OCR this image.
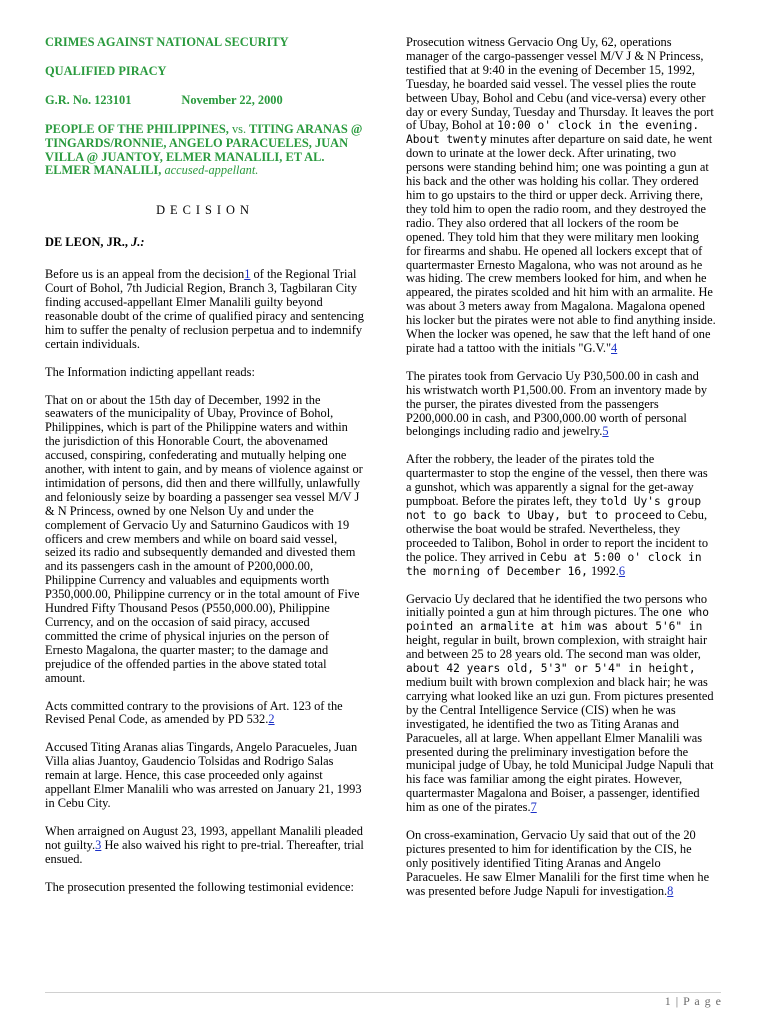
CRIMES AGAINST NATIONAL SECURITY
QUALIFIED PIRACY
G.R. No. 123101	November 22, 2000
PEOPLE OF THE PHILIPPINES, vs. TITING ARANAS @ TINGARDS/RONNIE, ANGELO PARACUELES, JUAN VILLA @ JUANTOY, ELMER MANALILI, ET AL.
ELMER MANALILI, accused-appellant.
DECISION
DE LEON, JR., J.:

Before us is an appeal from the decision1 of the Regional Trial Court of Bohol, 7th Judicial Region, Branch 3, Tagbilaran City finding accused-appellant Elmer Manalili guilty beyond reasonable doubt of the crime of qualified piracy and sentencing him to suffer the penalty of reclusion perpetua and to indemnify certain individuals.

The Information indicting appellant reads:

That on or about the 15th day of December, 1992 in the seawaters of the municipality of Ubay, Province of Bohol, Philippines, which is part of the Philippine waters and within the jurisdiction of this Honorable Court, the abovenamed accused, conspiring, confederating and mutually helping one another, with intent to gain, and by means of violence against or intimidation of persons, did then and there willfully, unlawfully and feloniously seize by boarding a passenger sea vessel M/V J & N Princess, owned by one Nelson Uy and under the complement of Gervacio Uy and Saturnino Gaudicos with 19 officers and crew members and while on board said vessel, seized its radio and subsequently demanded and divested them and its passengers cash in the amount of P200,000.00, Philippine Currency and valuables and equipments worth P350,000.00, Philippine currency or in the total amount of Five Hundred Fifty Thousand Pesos (P550,000.00), Philippine Currency, and on the occasion of said piracy, accused committed the crime of physical injuries on the person of Ernesto Magalona, the quarter master; to the damage and prejudice of the offended parties in the above stated total amount.

Acts committed contrary to the provisions of Art. 123 of the Revised Penal Code, as amended by PD 532.2

Accused Titing Aranas alias Tingards, Angelo Paracueles, Juan Villa alias Juantoy, Gaudencio Tolsidas and Rodrigo Salas remain at large. Hence, this case proceeded only against appellant Elmer Manalili who was arrested on January 21, 1993 in Cebu City.

When arraigned on August 23, 1993, appellant Manalili pleaded not guilty.3 He also waived his right to pre-trial. Thereafter, trial ensued.

The prosecution presented the following testimonial evidence:

Prosecution witness Gervacio Ong Uy, 62, operations manager of the cargo-passenger vessel M/V J & N Princess, testified that at 9:40 in the evening of December 15, 1992, Tuesday, he boarded said vessel. The vessel plies the route between Ubay, Bohol and Cebu (and vice-versa) every other day or every Sunday, Tuesday and Thursday. It leaves the port of Ubay, Bohol at 10:00 o' clock in the evening. About twenty minutes after departure on said date, he went down to urinate at the lower deck. After urinating, two persons were standing behind him; one was pointing a gun at his back and the other was holding his collar. They ordered him to go upstairs to the third or upper deck. Arriving there, they told him to open the radio room, and they destroyed the radio. They also ordered that all lockers of the room be opened. They told him that they were military men looking for firearms and shabu. He opened all lockers except that of quartermaster Ernesto Magalona, who was not around as he was hiding. The crew members looked for him, and when he appeared, the pirates scolded and hit him with an armalite. He was about 3 meters away from Magalona. Magalona opened his locker but the pirates were not able to find anything inside. When the locker was opened, he saw that the left hand of one pirate had a tattoo with the initials "G.V."4

The pirates took from Gervacio Uy P30,500.00 in cash and his wristwatch worth P1,500.00. From an inventory made by the purser, the pirates divested from the passengers P200,000.00 in cash, and P300,000.00 worth of personal belongings including radio and jewelry.5

After the robbery, the leader of the pirates told the quartermaster to stop the engine of the vessel, then there was a gunshot, which was apparently a signal for the get-away pumpboat. Before the pirates left, they told Uy's group not to go back to Ubay, but to proceed to Cebu, otherwise the boat would be strafed. Nevertheless, they proceeded to Talibon, Bohol in order to report the incident to the police. They arrived in Cebu at 5:00 o' clock in the morning of December 16, 1992.6

Gervacio Uy declared that he identified the two persons who initially pointed a gun at him through pictures. The one who pointed an armalite at him was about 5'6" in height, regular in built, brown complexion, with straight hair and between 25 to 28 years old. The second man was older, about 42 years old, 5'3" or 5'4" in height, medium built with brown complexion and black hair; he was carrying what looked like an uzi gun. From pictures presented by the Central Intelligence Service (CIS) when he was investigated, he identified the two as Titing Aranas and Paracueles, all at large. When appellant Elmer Manalili was presented during the preliminary investigation before the municipal judge of Ubay, he told Municipal Judge Napuli that his face was familiar among the eight pirates. However, quartermaster Magalona and Boiser, a passenger, identified him as one of the pirates.7

On cross-examination, Gervacio Uy said that out of the 20 pictures presented to him for identification by the CIS, he only positively identified Titing Aranas and Angelo Paracueles. He saw Elmer Manalili for the first time when he was presented before Judge Napuli for investigation.8

1 | P a g e
